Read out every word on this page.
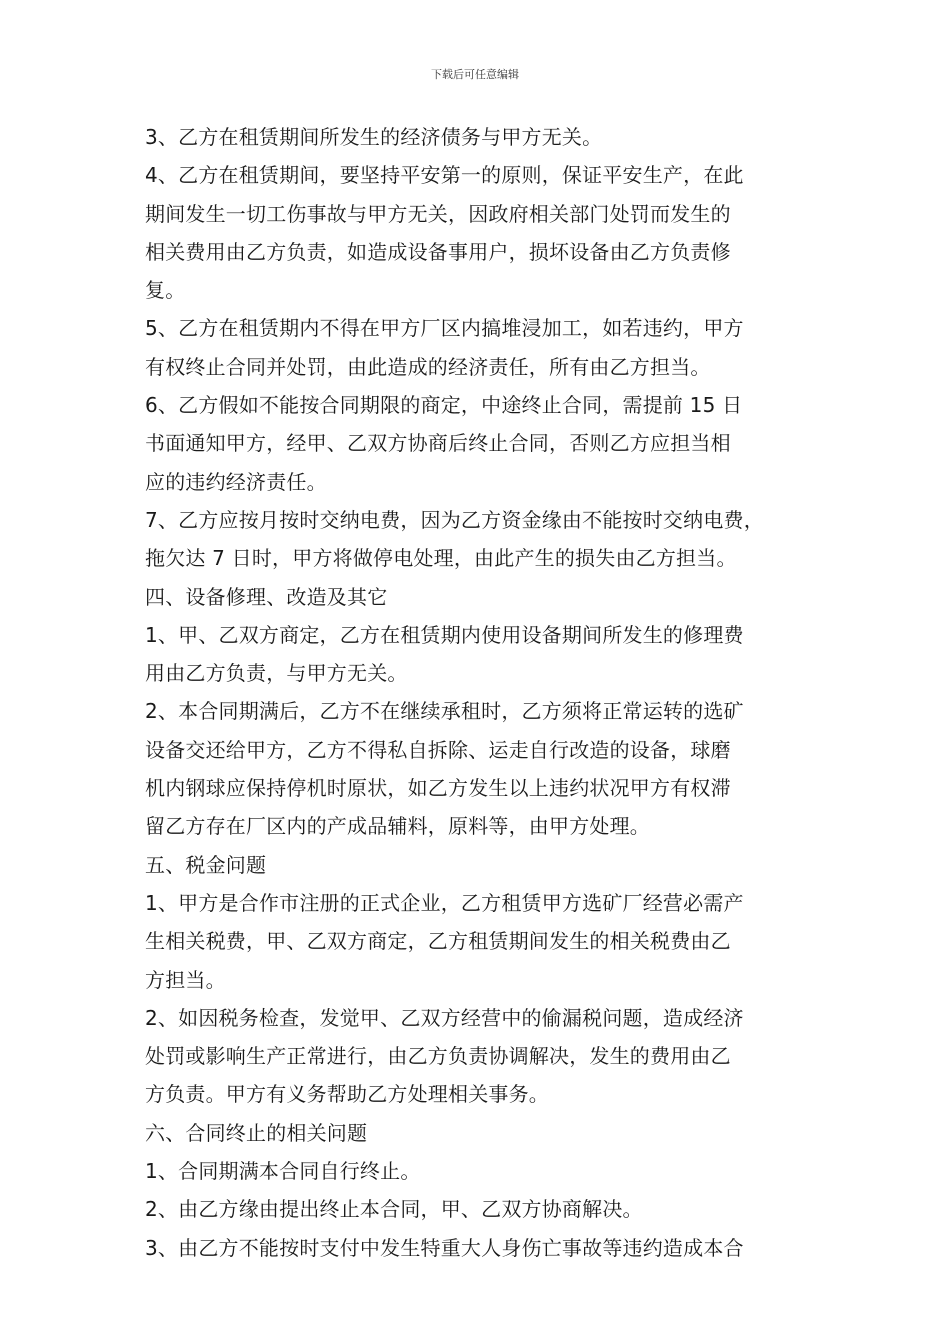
下载后可任意编辑
3、乙方在租赁期间所发生的经济债务与甲方无关。
4、乙方在租赁期间，要坚持平安第一的原则，保证平安生产，在此
期间发生一切工伤事故与甲方无关，因政府相关部门处罚而发生的
相关费用由乙方负责，如造成设备事用户，损坏设备由乙方负责修
复。
5、乙方在租赁期内不得在甲方厂区内搞堆浸加工，如若违约，甲方
有权终止合同并处罚，由此造成的经济责任，所有由乙方担当。
6、乙方假如不能按合同期限的商定，中途终止合同，需提前 15 日
书面通知甲方，经甲、乙双方协商后终止合同，否则乙方应担当相
应的违约经济责任。
7、乙方应按月按时交纳电费，因为乙方资金缘由不能按时交纳电费，
拖欠达 7 日时，甲方将做停电处理，由此产生的损失由乙方担当。
四、设备修理、改造及其它
1、甲、乙双方商定，乙方在租赁期内使用设备期间所发生的修理费
用由乙方负责，与甲方无关。
2、本合同期满后，乙方不在继续承租时，乙方须将正常运转的选矿
设备交还给甲方，乙方不得私自拆除、运走自行改造的设备，球磨
机内钢球应保持停机时原状，如乙方发生以上违约状况甲方有权滞
留乙方存在厂区内的产成品辅料，原料等，由甲方处理。
五、税金问题
1、甲方是合作市注册的正式企业，乙方租赁甲方选矿厂经营必需产
生相关税费，甲、乙双方商定，乙方租赁期间发生的相关税费由乙
方担当。
2、如因税务检查，发觉甲、乙双方经营中的偷漏税问题，造成经济
处罚或影响生产正常进行，由乙方负责协调解决，发生的费用由乙
方负责。甲方有义务帮助乙方处理相关事务。
六、合同终止的相关问题
1、合同期满本合同自行终止。
2、由乙方缘由提出终止本合同，甲、乙双方协商解决。
3、由乙方不能按时支付中发生特重大人身伤亡事故等违约造成本合
